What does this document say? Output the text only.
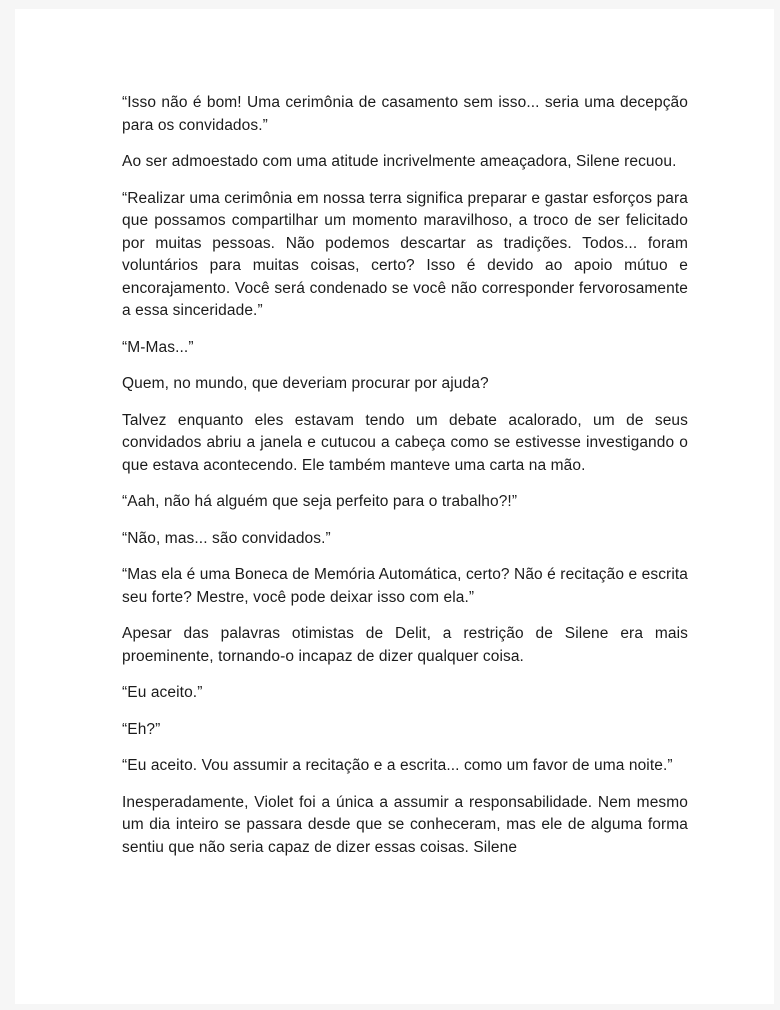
“Isso não é bom! Uma cerimônia de casamento sem isso... seria uma decepção para os convidados.”

Ao ser admoestado com uma atitude incrivelmente ameaçadora, Silene recuou.

“Realizar uma cerimônia em nossa terra significa preparar e gastar esforços para que possamos compartilhar um momento maravilhoso, a troco de ser felicitado por muitas pessoas. Não podemos descartar as tradições. Todos... foram voluntários para muitas coisas, certo? Isso é devido ao apoio mútuo e encorajamento. Você será condenado se você não corresponder fervorosamente a essa sinceridade.”

“M-Mas...”

Quem, no mundo, que deveriam procurar por ajuda?

Talvez enquanto eles estavam tendo um debate acalorado, um de seus convidados abriu a janela e cutucou a cabeça como se estivesse investigando o que estava acontecendo. Ele também manteve uma carta na mão.

“Aah, não há alguém que seja perfeito para o trabalho?!”

“Não, mas... são convidados.”

“Mas ela é uma Boneca de Memória Automática, certo? Não é recitação e escrita seu forte? Mestre, você pode deixar isso com ela.”

Apesar das palavras otimistas de Delit, a restrição de Silene era mais proeminente, tornando-o incapaz de dizer qualquer coisa.

“Eu aceito.”

“Eh?”

“Eu aceito. Vou assumir a recitação e a escrita... como um favor de uma noite.”

Inesperadamente, Violet foi a única a assumir a responsabilidade. Nem mesmo um dia inteiro se passara desde que se conheceram, mas ele de alguma forma sentiu que não seria capaz de dizer essas coisas. Silene
